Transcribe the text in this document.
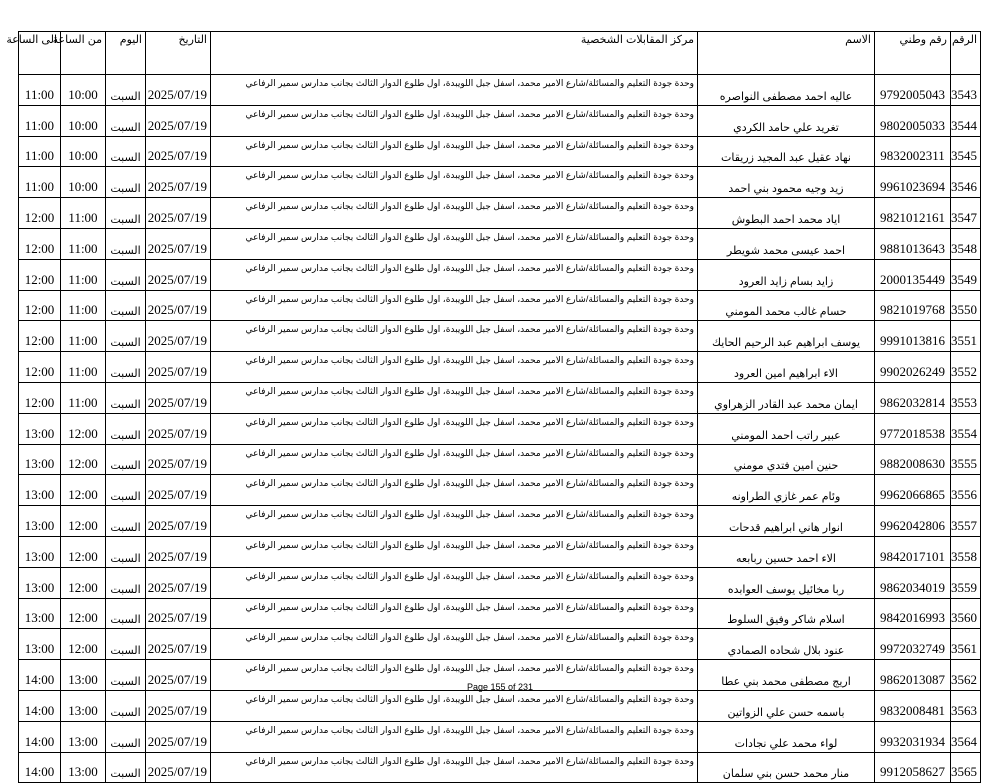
الرقم	رقم وطني	الاسم	مركز المقابلات الشخصية	التاريخ	اليوم	من الساعة	الى الساعة
3543	9792005043	عاليه احمد مصطفى النواصره	وحدة جودة التعليم والمسائلة/شارع الامير محمد، اسفل جبل اللويبدة، اول طلوع الدوار الثالث بجانب مدارس سمير الرفاعي	2025/07/19	السبت	10:00	11:00
3544	9802005033	تغريد علي حامد الكردي	وحدة جودة التعليم والمسائلة/شارع الامير محمد، اسفل جبل اللويبدة، اول طلوع الدوار الثالث بجانب مدارس سمير الرفاعي	2025/07/19	السبت	10:00	11:00
3545	9832002311	نهاد عقيل عبد المجيد زريقات	وحدة جودة التعليم والمسائلة/شارع الامير محمد، اسفل جبل اللويبدة، اول طلوع الدوار الثالث بجانب مدارس سمير الرفاعي	2025/07/19	السبت	10:00	11:00
3546	9961023694	زيد وجيه محمود بني احمد	وحدة جودة التعليم والمسائلة/شارع الامير محمد، اسفل جبل اللويبدة، اول طلوع الدوار الثالث بجانب مدارس سمير الرفاعي	2025/07/19	السبت	10:00	11:00
3547	9821012161	اياد محمد احمد البطوش	وحدة جودة التعليم والمسائلة/شارع الامير محمد، اسفل جبل اللويبدة، اول طلوع الدوار الثالث بجانب مدارس سمير الرفاعي	2025/07/19	السبت	11:00	12:00
3548	9881013643	احمد عيسى محمد شويطر	وحدة جودة التعليم والمسائلة/شارع الامير محمد، اسفل جبل اللويبدة، اول طلوع الدوار الثالث بجانب مدارس سمير الرفاعي	2025/07/19	السبت	11:00	12:00
3549	2000135449	زايد بسام زايد العرود	وحدة جودة التعليم والمسائلة/شارع الامير محمد، اسفل جبل اللويبدة، اول طلوع الدوار الثالث بجانب مدارس سمير الرفاعي	2025/07/19	السبت	11:00	12:00
3550	9821019768	حسام غالب محمد المومني	وحدة جودة التعليم والمسائلة/شارع الامير محمد، اسفل جبل اللويبدة، اول طلوع الدوار الثالث بجانب مدارس سمير الرفاعي	2025/07/19	السبت	11:00	12:00
3551	9991013816	يوسف ابراهيم عبد الرحيم الحايك	وحدة جودة التعليم والمسائلة/شارع الامير محمد، اسفل جبل اللويبدة، اول طلوع الدوار الثالث بجانب مدارس سمير الرفاعي	2025/07/19	السبت	11:00	12:00
3552	9902026249	الاء ابراهيم امين العرود	وحدة جودة التعليم والمسائلة/شارع الامير محمد، اسفل جبل اللويبدة، اول طلوع الدوار الثالث بجانب مدارس سمير الرفاعي	2025/07/19	السبت	11:00	12:00
3553	9862032814	ايمان محمد عبد القادر الزهراوي	وحدة جودة التعليم والمسائلة/شارع الامير محمد، اسفل جبل اللويبدة، اول طلوع الدوار الثالث بجانب مدارس سمير الرفاعي	2025/07/19	السبت	11:00	12:00
3554	9772018538	عبير راتب احمد المومني	وحدة جودة التعليم والمسائلة/شارع الامير محمد، اسفل جبل اللويبدة، اول طلوع الدوار الثالث بجانب مدارس سمير الرفاعي	2025/07/19	السبت	12:00	13:00
3555	9882008630	حنين امين فتدي مومني	وحدة جودة التعليم والمسائلة/شارع الامير محمد، اسفل جبل اللويبدة، اول طلوع الدوار الثالث بجانب مدارس سمير الرفاعي	2025/07/19	السبت	12:00	13:00
3556	9962066865	وئام عمر غازي الطراونه	وحدة جودة التعليم والمسائلة/شارع الامير محمد، اسفل جبل اللويبدة، اول طلوع الدوار الثالث بجانب مدارس سمير الرفاعي	2025/07/19	السبت	12:00	13:00
3557	9962042806	انوار هاني ابراهيم قدحات	وحدة جودة التعليم والمسائلة/شارع الامير محمد، اسفل جبل اللويبدة، اول طلوع الدوار الثالث بجانب مدارس سمير الرفاعي	2025/07/19	السبت	12:00	13:00
3558	9842017101	الاء احمد حسين ربابعه	وحدة جودة التعليم والمسائلة/شارع الامير محمد، اسفل جبل اللويبدة، اول طلوع الدوار الثالث بجانب مدارس سمير الرفاعي	2025/07/19	السبت	12:00	13:00
3559	9862034019	ربا مخائيل يوسف العوابده	وحدة جودة التعليم والمسائلة/شارع الامير محمد، اسفل جبل اللويبدة، اول طلوع الدوار الثالث بجانب مدارس سمير الرفاعي	2025/07/19	السبت	12:00	13:00
3560	9842016993	اسلام شاكر وفيق السلوط	وحدة جودة التعليم والمسائلة/شارع الامير محمد، اسفل جبل اللويبدة، اول طلوع الدوار الثالث بجانب مدارس سمير الرفاعي	2025/07/19	السبت	12:00	13:00
3561	9972032749	عنود بلال شحاده الصمادي	وحدة جودة التعليم والمسائلة/شارع الامير محمد، اسفل جبل اللويبدة، اول طلوع الدوار الثالث بجانب مدارس سمير الرفاعي	2025/07/19	السبت	12:00	13:00
3562	9862013087	اريج مصطفى محمد بني عطا	وحدة جودة التعليم والمسائلة/شارع الامير محمد، اسفل جبل اللويبدة، اول طلوع الدوار الثالث بجانب مدارس سمير الرفاعي	2025/07/19	السبت	13:00	14:00
3563	9832008481	باسمه حسن علي الزواتين	وحدة جودة التعليم والمسائلة/شارع الامير محمد، اسفل جبل اللويبدة، اول طلوع الدوار الثالث بجانب مدارس سمير الرفاعي	2025/07/19	السبت	13:00	14:00
3564	9932031934	لواء محمد علي نجادات	وحدة جودة التعليم والمسائلة/شارع الامير محمد، اسفل جبل اللويبدة، اول طلوع الدوار الثالث بجانب مدارس سمير الرفاعي	2025/07/19	السبت	13:00	14:00
3565	9912058627	منار محمد حسن بني سلمان	وحدة جودة التعليم والمسائلة/شارع الامير محمد، اسفل جبل اللويبدة، اول طلوع الدوار الثالث بجانب مدارس سمير الرفاعي	2025/07/19	السبت	13:00	14:00
Page 155 of 231
